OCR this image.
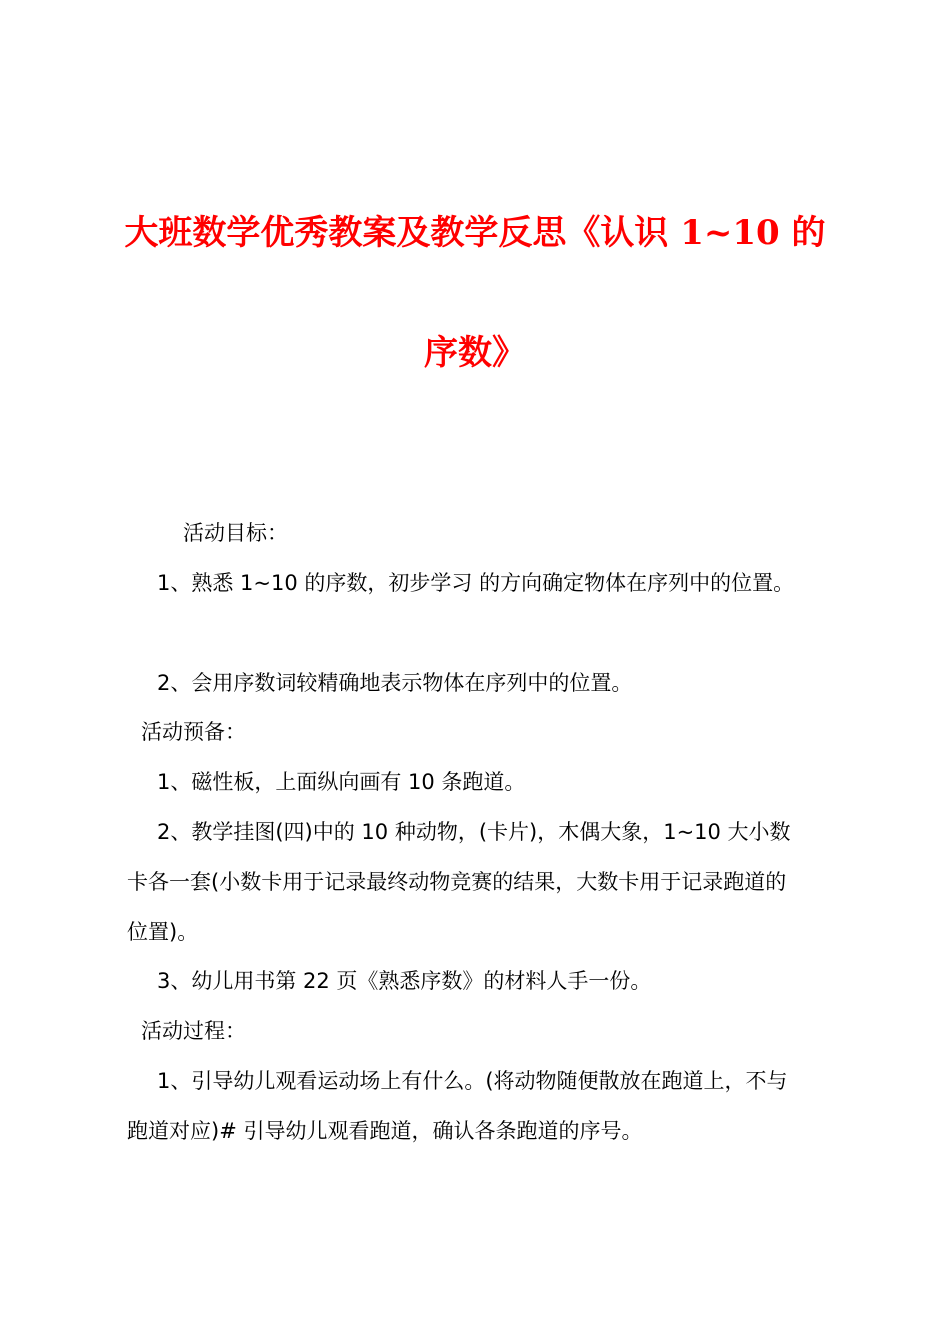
大班数学优秀教案及教学反思《认识 1~10 的
序数》

活动目标：

1、熟悉 1~10 的序数，初步学习 的方向确定物体在序列中的位置。

2、会用序数词较精确地表示物体在序列中的位置。

活动预备：

1、磁性板，上面纵向画有 10 条跑道。

2、教学挂图(四)中的 10 种动物，(卡片)，木偶大象，1~10 大小数

卡各一套(小数卡用于记录最终动物竞赛的结果，大数卡用于记录跑道的

位置)。

3、幼儿用书第 22 页《熟悉序数》的材料人手一份。

活动过程：

1、引导幼儿观看运动场上有什么。(将动物随便散放在跑道上，不与

跑道对应)# 引导幼儿观看跑道，确认各条跑道的序号。
